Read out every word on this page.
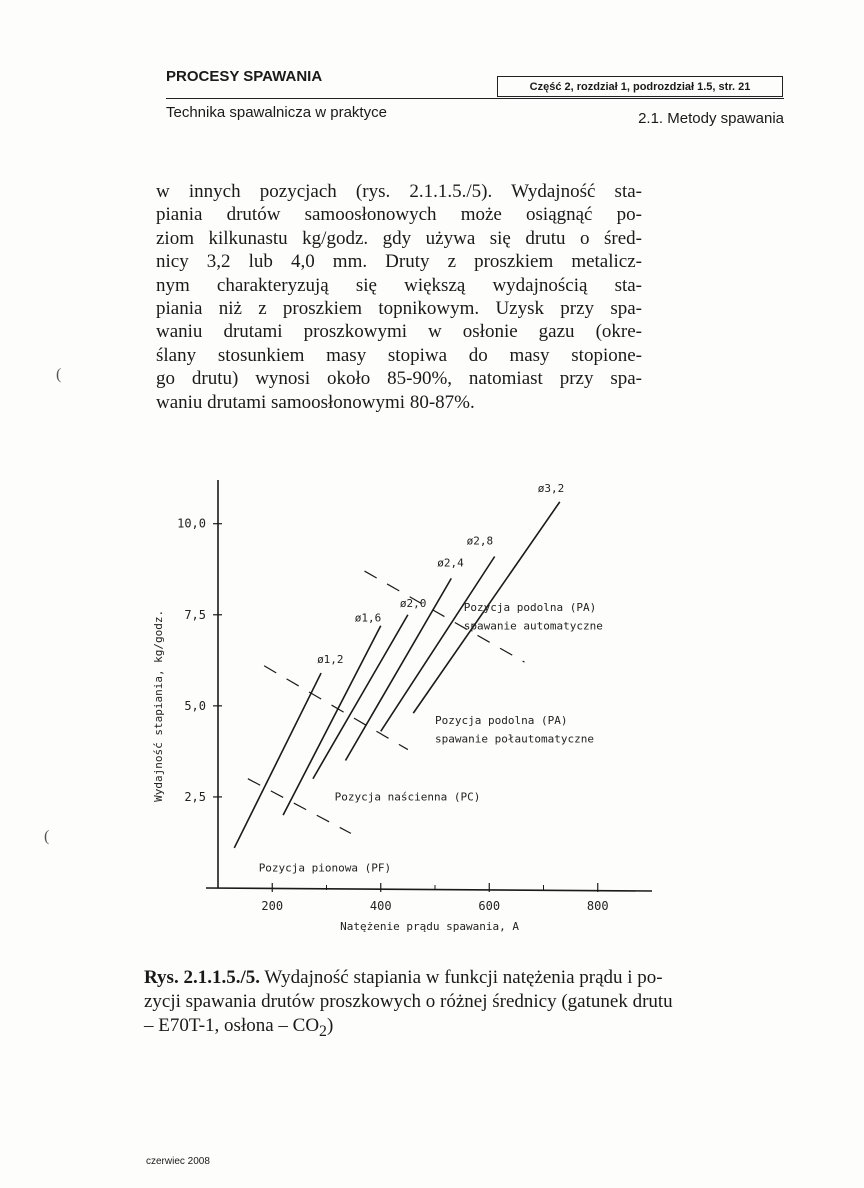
PROCESY SPAWANIA
Część 2, rozdział 1, podrozdział 1.5, str. 21
Technika spawalnicza w praktyce	2.1. Metody spawania
w innych pozycjach (rys. 2.1.1.5./5). Wydajność sta-
piania drutów samoosłonowych może osiągnąć po-
ziom kilkunastu kg/godz. gdy używa się drutu o śred-
nicy 3,2 lub 4,0 mm. Druty z proszkiem metalicz-
nym charakteryzują się większą wydajnością sta-
piania niż z proszkiem topnikowym. Uzysk przy spa-
waniu drutami proszkowymi w osłonie gazu (okre-
ślany stosunkiem masy stopiwa do masy stopione-
go drutu) wynosi około 85-90%, natomiast przy spa-
waniu drutami samoosłonowymi 80-87%.
(
(
2,5
5,0
7,5
10,0
200	400	600	800
Natężenie prądu spawania, A
Wydajność stapiania, kg/godz.	ø1,2
ø1,6
ø2,0
ø2,4
ø2,8
ø3,2
Pozycja podolna (PA)
spawanie automatyczne
Pozycja podolna (PA)
spawanie połautomatyczne
Pozycja naścienna (PC)
Pozycja pionowa (PF)
Rys. 2.1.1.5./5. Wydajność stapiania w funkcji natężenia prądu i po-
zycji spawania drutów proszkowych o różnej średnicy (gatunek drutu
– E70T-1, osłona – $CO_2$)
czerwiec 2008
